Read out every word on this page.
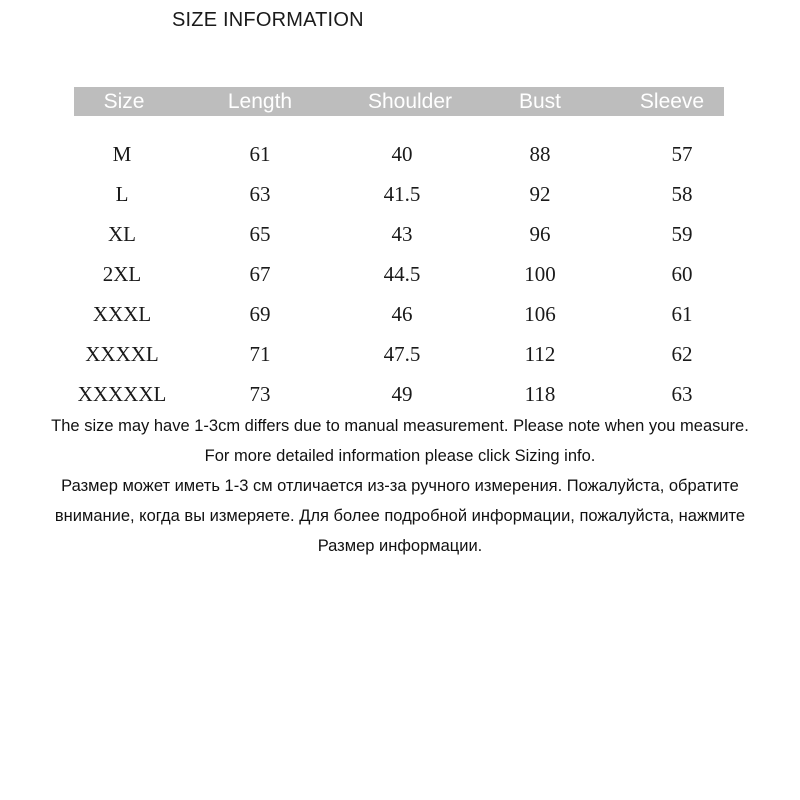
SIZE INFORMATION
Size	Length	Shoulder	Bust	Sleeve
M	61	40	88	57
L	63	41.5	92	58
XL	65	43	96	59
2XL	67	44.5	100	60
XXXL	69	46	106	61
XXXXL	71	47.5	112	62
XXXXXL	73	49	118	63

The size may have 1-3cm differs due to manual measurement. Please note when you measure. For more detailed information please click Sizing info.

Размер может иметь 1-3 см отличается из-за ручного измерения. Пожалуйста, обратите внимание, когда вы измеряете. Для более подробной информации, пожалуйста, нажмите Размер информации.
